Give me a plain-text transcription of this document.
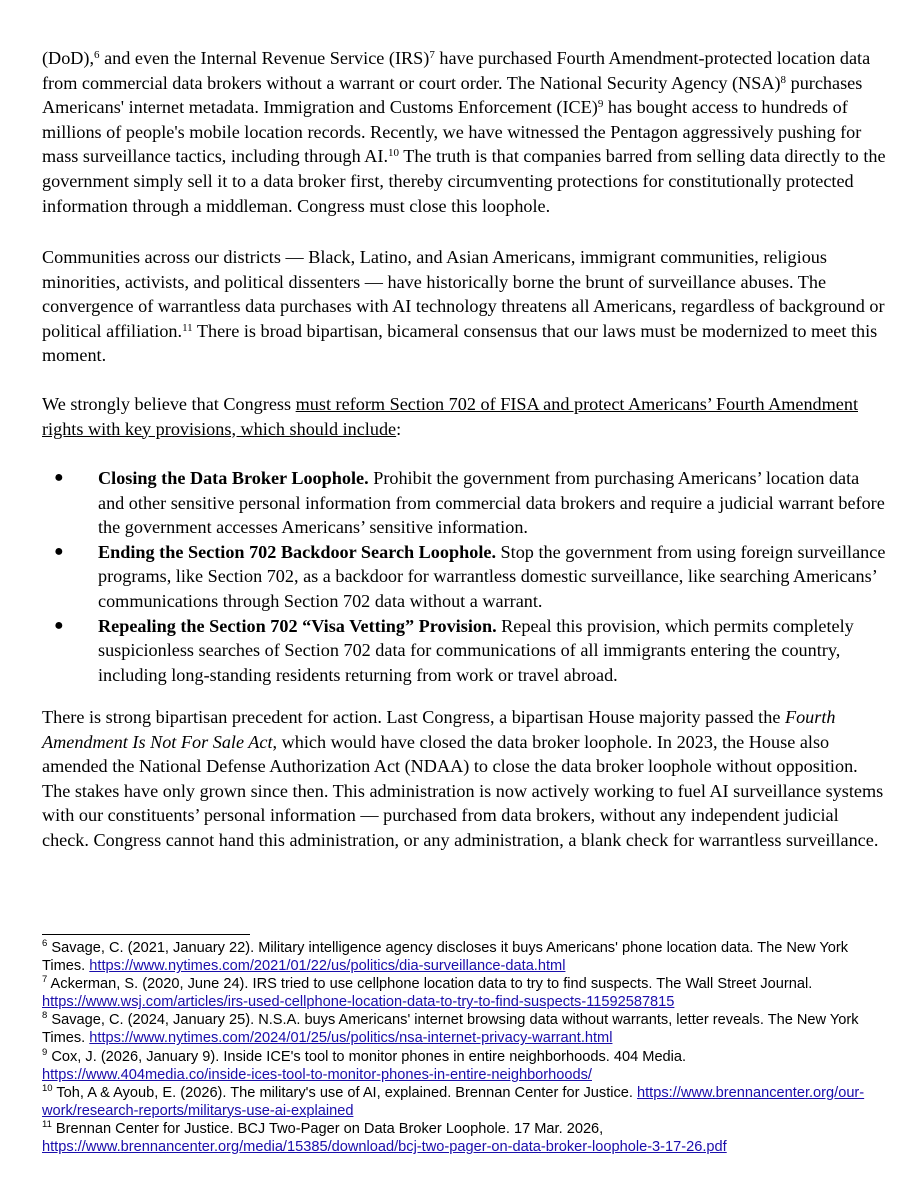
(DoD),$^6$ and even the Internal Revenue Service (IRS)$^7$ have purchased Fourth Amendment-protected location data from commercial data brokers without a warrant or court order. The National Security Agency (NSA)$^8$ purchases Americans' internet metadata. Immigration and Customs Enforcement (ICE)$^9$ has bought access to hundreds of millions of people's mobile location records. Recently, we have witnessed the Pentagon aggressively pushing for mass surveillance tactics, including through AI.$^{10}$ The truth is that companies barred from selling data directly to the government simply sell it to a data broker first, thereby circumventing protections for constitutionally protected information through a middleman. Congress must close this loophole.

Communities across our districts — Black, Latino, and Asian Americans, immigrant communities, religious minorities, activists, and political dissenters — have historically borne the brunt of surveillance abuses. The convergence of warrantless data purchases with AI technology threatens all Americans, regardless of background or political affiliation.$^{11}$ There is broad bipartisan, bicameral consensus that our laws must be modernized to meet this moment.

We strongly believe that Congress must reform Section 702 of FISA and protect Americans’ Fourth Amendment rights with key provisions, which should include:

● Closing the Data Broker Loophole. Prohibit the government from purchasing Americans’ location data and other sensitive personal information from commercial data brokers and require a judicial warrant before the government accesses Americans’ sensitive information.
● Ending the Section 702 Backdoor Search Loophole. Stop the government from using foreign surveillance programs, like Section 702, as a backdoor for warrantless domestic surveillance, like searching Americans’ communications through Section 702 data without a warrant.
● Repealing the Section 702 “Visa Vetting” Provision. Repeal this provision, which permits completely suspicionless searches of Section 702 data for communications of all immigrants entering the country, including long-standing residents returning from work or travel abroad.

There is strong bipartisan precedent for action. Last Congress, a bipartisan House majority passed the Fourth Amendment Is Not For Sale Act, which would have closed the data broker loophole. In 2023, the House also amended the National Defense Authorization Act (NDAA) to close the data broker loophole without opposition. The stakes have only grown since then. This administration is now actively working to fuel AI surveillance systems with our constituents’ personal information — purchased from data brokers, without any independent judicial check. Congress cannot hand this administration, or any administration, a blank check for warrantless surveillance.

$^6$ Savage, C. (2021, January 22). Military intelligence agency discloses it buys Americans' phone location data. The New York Times. https://www.nytimes.com/2021/01/22/us/politics/dia-surveillance-data.html

$^7$ Ackerman, S. (2020, June 24). IRS tried to use cellphone location data to try to find suspects. The Wall Street Journal. https://www.wsj.com/articles/irs-used-cellphone-location-data-to-try-to-find-suspects-11592587815

$^8$ Savage, C. (2024, January 25). N.S.A. buys Americans' internet browsing data without warrants, letter reveals. The New York Times. https://www.nytimes.com/2024/01/25/us/politics/nsa-internet-privacy-warrant.html

$^9$ Cox, J. (2026, January 9). Inside ICE's tool to monitor phones in entire neighborhoods. 404 Media. https://www.404media.co/inside-ices-tool-to-monitor-phones-in-entire-neighborhoods/

$^{10}$ Toh, A & Ayoub, E. (2026). The military's use of AI, explained. Brennan Center for Justice. https://www.brennancenter.org/our-work/research-reports/militarys-use-ai-explained

$^{11}$ Brennan Center for Justice. BCJ Two-Pager on Data Broker Loophole. 17 Mar. 2026, https://www.brennancenter.org/media/15385/download/bcj-two-pager-on-data-broker-loophole-3-17-26.pdf
